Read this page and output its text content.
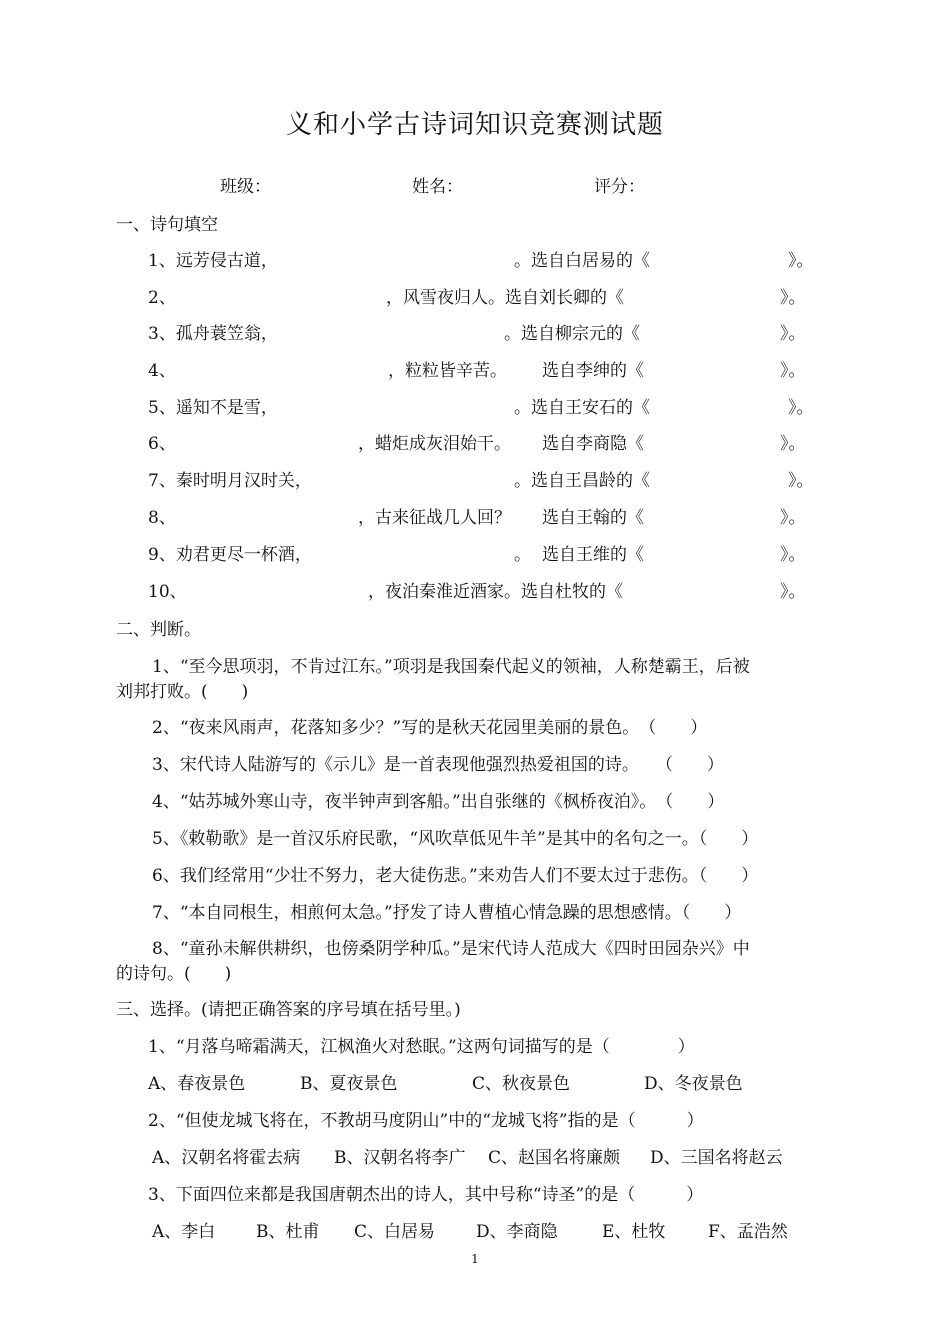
义和小学古诗词知识竞赛测试题
班级：	姓名：	评分：
一、诗句填空
1、远芳侵古道，	。选自白居易的《	》。
2、	，风雪夜归人。选自刘长卿的《	》。
3、孤舟蓑笠翁，	。选自柳宗元的《	》。
4、	，粒粒皆辛苦。 选自李绅的《	》。
5、遥知不是雪，	。选自王安石的《	》。
6、	，蜡炬成灰泪始干。 选自李商隐《	》。
7、秦时明月汉时关，	。选自王昌龄的《	》。
8、	，古来征战几人回？ 选自王翰的《	》。
9、劝君更尽一杯酒，	。 选自王维的《	》。
10、	，夜泊秦淮近酒家。选自杜牧的《	》。
二、判断。
1、“至今思项羽，不肯过江东。”项羽是我国秦代起义的领袖，人称楚霸王，后被
刘邦打败。(　　)
2、“夜来风雨声，花落知多少？”写的是秋天花园里美丽的景色。　（　　）
3、宋代诗人陆游写的《示儿》是一首表现他强烈热爱祖国的诗。　　（　　）
4、“姑苏城外寒山寺，夜半钟声到客船。”出自张继的《枫桥夜泊》。　（　　）
5、《敕勒歌》是一首汉乐府民歌，“风吹草低见牛羊”是其中的名句之一。（　　）
6、我们经常用“少壮不努力，老大徒伤悲。”来劝告人们不要太过于悲伤。（　　）
7、“本自同根生，相煎何太急。”抒发了诗人曹植心情急躁的思想感情。（　　）
8、“童孙未解供耕织，也傍桑阴学种瓜。”是宋代诗人范成大《四时田园杂兴》中
的诗句。(　　)
三、选择。(请把正确答案的序号填在括号里。)
1、“月落乌啼霜满天，江枫渔火对愁眠。”这两句词描写的是（　　　　）
A、春夜景色	B、夏夜景色	C、秋夜景色	D、冬夜景色
2、“但使龙城飞将在，不教胡马度阴山”中的“龙城飞将”指的是（　　　）
A、汉朝名将霍去病 B、汉朝名将李广 C、赵国名将廉颇 D、三国名将赵云
3、下面四位来都是我国唐朝杰出的诗人，其中号称“诗圣”的是（　　　）
A、李白 B、杜甫 C、白居易 D、李商隐	E、杜牧	F、孟浩然
1
